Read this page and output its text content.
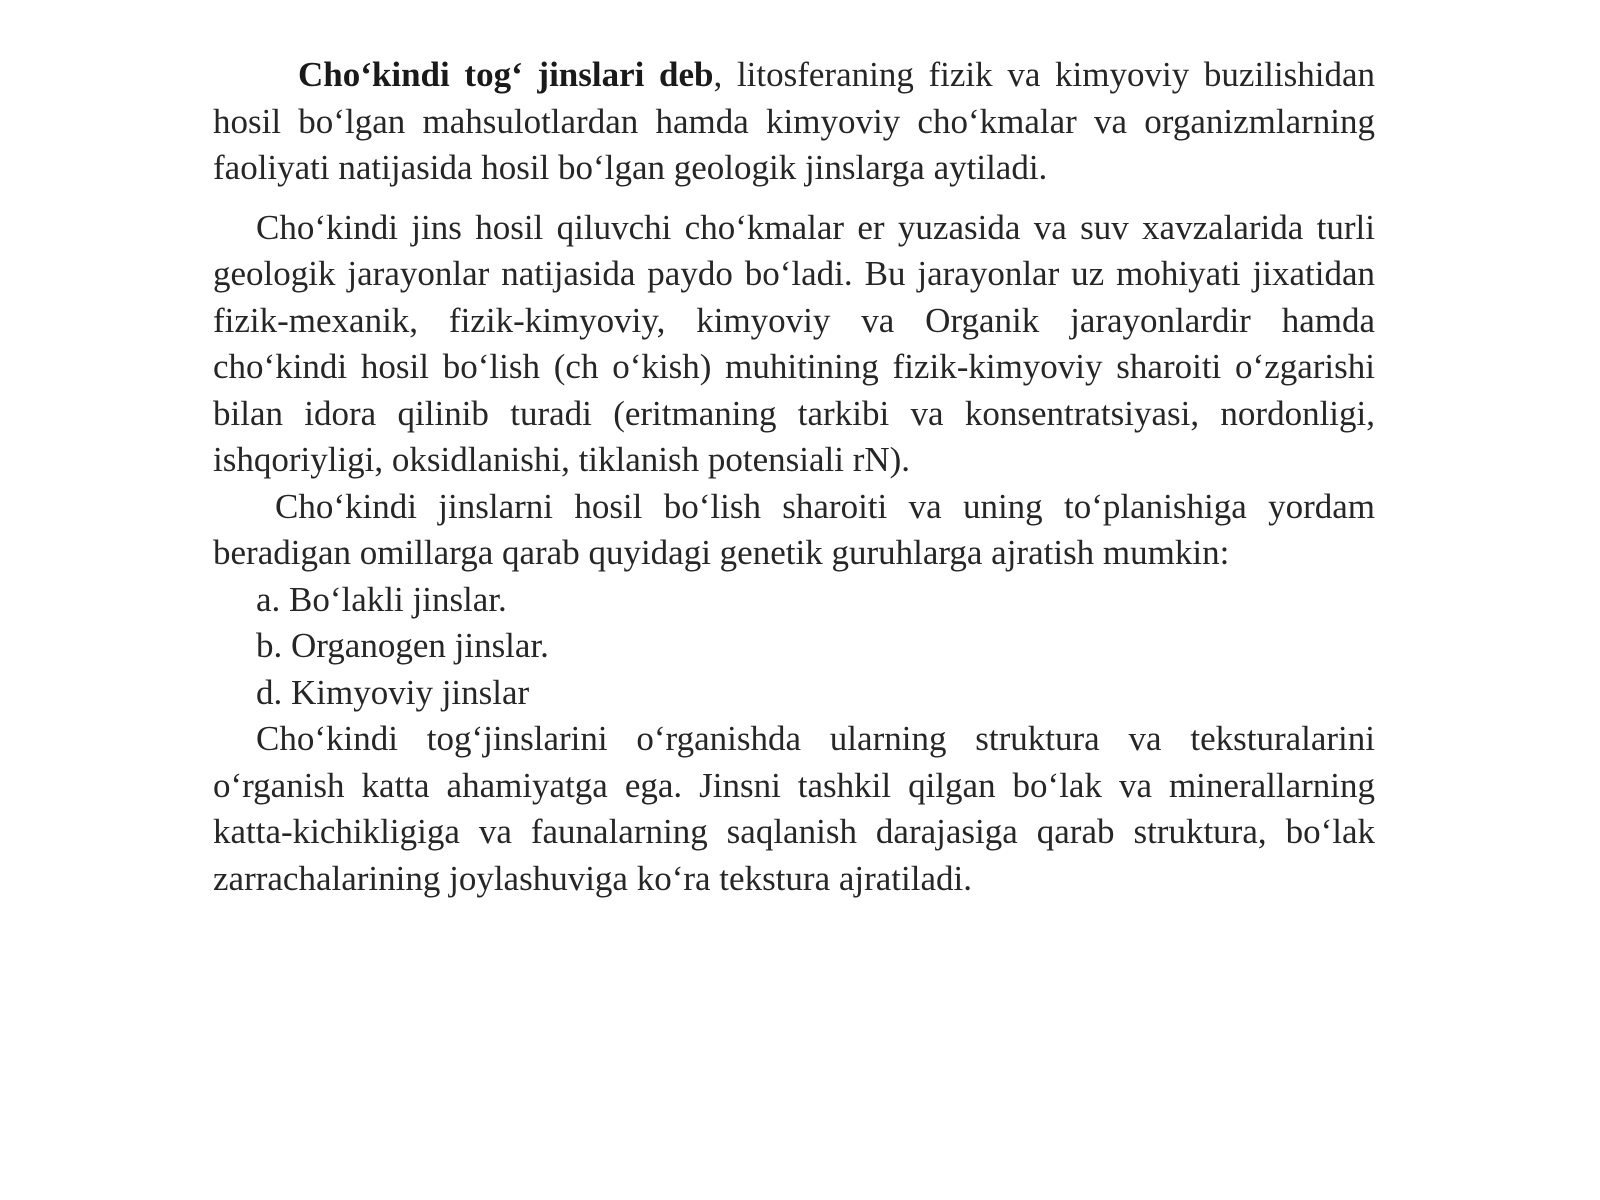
Cho‘kindi tog‘ jinslari deb, litosferaning fizik va kimyoviy buzilishidan hosil bo‘lgan mahsulotlardan hamda kimyoviy cho‘kmalar va organizmlarning faoliyati natijasida hosil bo‘lgan geologik jinslarga aytiladi.

Cho‘kindi jins hosil qiluvchi cho‘kmalar er yuzasida va suv xavzalarida turli geologik jarayonlar natijasida paydo bo‘ladi. Bu jarayonlar uz mohiyati jixatidan fizik-mexanik, fizik-kimyoviy, kimyoviy va Organik jarayonlardir hamda cho‘kindi hosil bo‘lish (ch o‘kish) muhitining fizik-kimyoviy sharoiti o‘zgarishi bilan idora qilinib turadi (eritmaning tarkibi va konsentratsiyasi, nordonligi, ishqoriyligi, oksidlanishi, tiklanish potensiali rN).

Cho‘kindi jinslarni hosil bo‘lish sharoiti va uning to‘planishiga yordam beradigan omillarga qarab quyidagi genetik guruhlarga ajratish mumkin:

a. Bo‘lakli jinslar.
b. Organogen jinslar.
d. Kimyoviy jinslar

Cho‘kindi tog‘jinslarini o‘rganishda ularning struktura va teksturalarini o‘rganish katta ahamiyatga ega. Jinsni tashkil qilgan bo‘lak va minerallarning katta-kichikligiga va faunalarning saqlanish darajasiga qarab struktura, bo‘lak zarrachalarining joylashuviga ko‘ra tekstura ajratiladi.
